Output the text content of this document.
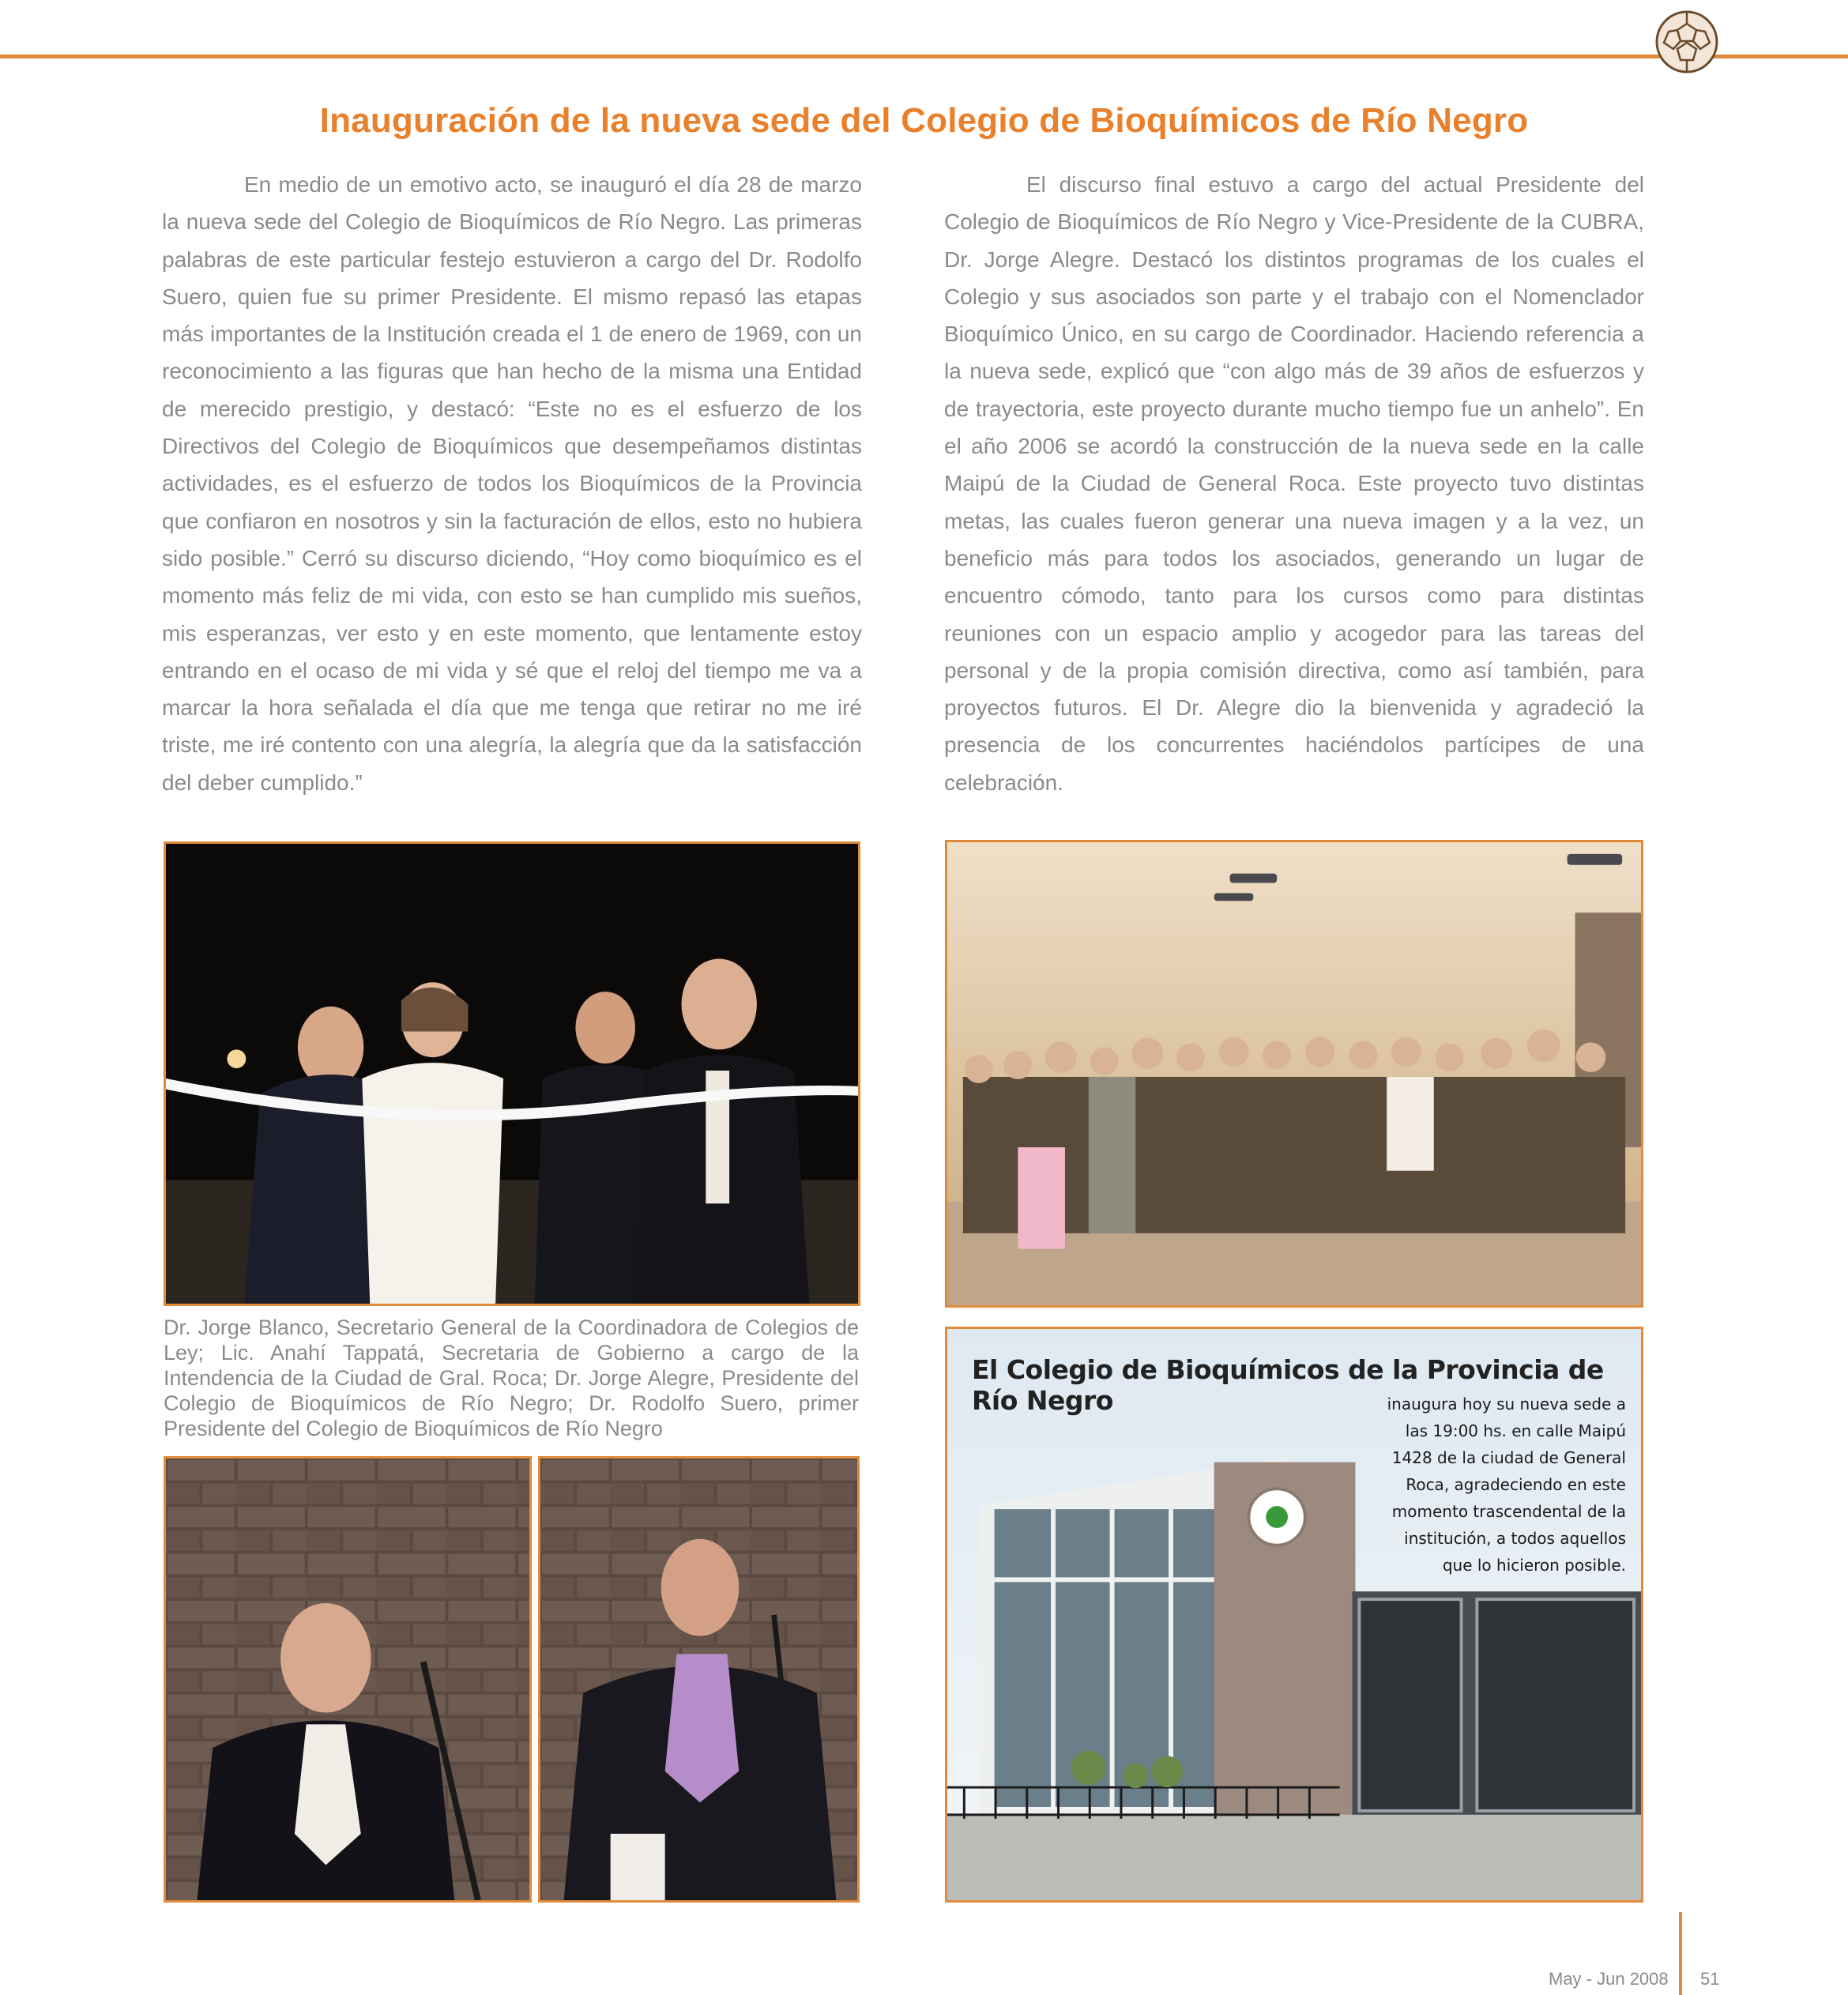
Inauguración de la nueva sede del Colegio de Bioquímicos de Río Negro

En medio de un emotivo acto, se inauguró el día 28 de marzo la nueva sede del Colegio de Bioquímicos de Río Negro. Las primeras palabras de este particular festejo estuvieron a cargo del Dr. Rodolfo Suero, quien fue su primer Presidente. El mismo repasó las etapas más importantes de la Institución creada el 1 de enero de 1969, con un reconocimiento a las figuras que han hecho de la misma una Entidad de merecido prestigio, y destacó: “Este no es el esfuerzo de los Directivos del Colegio de Bioquímicos que desempeñamos distintas actividades, es el esfuerzo de todos los Bioquímicos de la Provincia que confiaron en nosotros y sin la facturación de ellos, esto no hubiera sido posible.” Cerró su discurso diciendo, “Hoy como bioquímico es el momento más feliz de mi vida, con esto se han cumplido mis sueños, mis esperanzas, ver esto y en este momento, que lentamente estoy entrando en el ocaso de mi vida y sé que el reloj del tiempo me va a marcar la hora señalada el día que me tenga que retirar no me iré triste, me iré contento con una alegría, la alegría que da la satisfacción del deber cumplido.”

El discurso final estuvo a cargo del actual Presidente del Colegio de Bioquímicos de Río Negro y Vice-Presidente de la CUBRA, Dr. Jorge Alegre. Destacó los distintos programas de los cuales el Colegio y sus asociados son parte y el trabajo con el Nomenclador Bioquímico Único, en su cargo de Coordinador. Haciendo referencia a la nueva sede, explicó que “con algo más de 39 años de esfuerzos y de trayectoria, este proyecto durante mucho tiempo fue un anhelo”. En el año 2006 se acordó la construcción de la nueva sede en la calle Maipú de la Ciudad de General Roca. Este proyecto tuvo distintas metas, las cuales fueron generar una nueva imagen y a la vez, un beneficio más para todos los asociados, generando un lugar de encuentro cómodo, tanto para los cursos como para distintas reuniones con un espacio amplio y acogedor para las tareas del personal y de la propia comisión directiva, como así también, para proyectos futuros. El Dr. Alegre dio la bienvenida y agradeció la presencia de los concurrentes haciéndolos partícipes de una celebración.

Dr. Jorge Blanco, Secretario General de la Coordinadora de Colegios de Ley; Lic. Anahí Tappatá, Secretaria de Gobierno a cargo de la Intendencia de la Ciudad de Gral. Roca; Dr. Jorge Alegre, Presidente del Colegio de Bioquímicos de Río Negro; Dr. Rodolfo Suero, primer Presidente del Colegio de Bioquímicos de Río Negro
El Colegio de Bioquímicos de la Provincia de Río Negro	inaugura hoy su nueva sede a las 19:00 hs. en calle Maipú 1428 de la ciudad de General Roca, agradeciendo en este momento trascendental de la institución, a todos aquellos que lo hicieron posible.
May - Jun 2008 51
